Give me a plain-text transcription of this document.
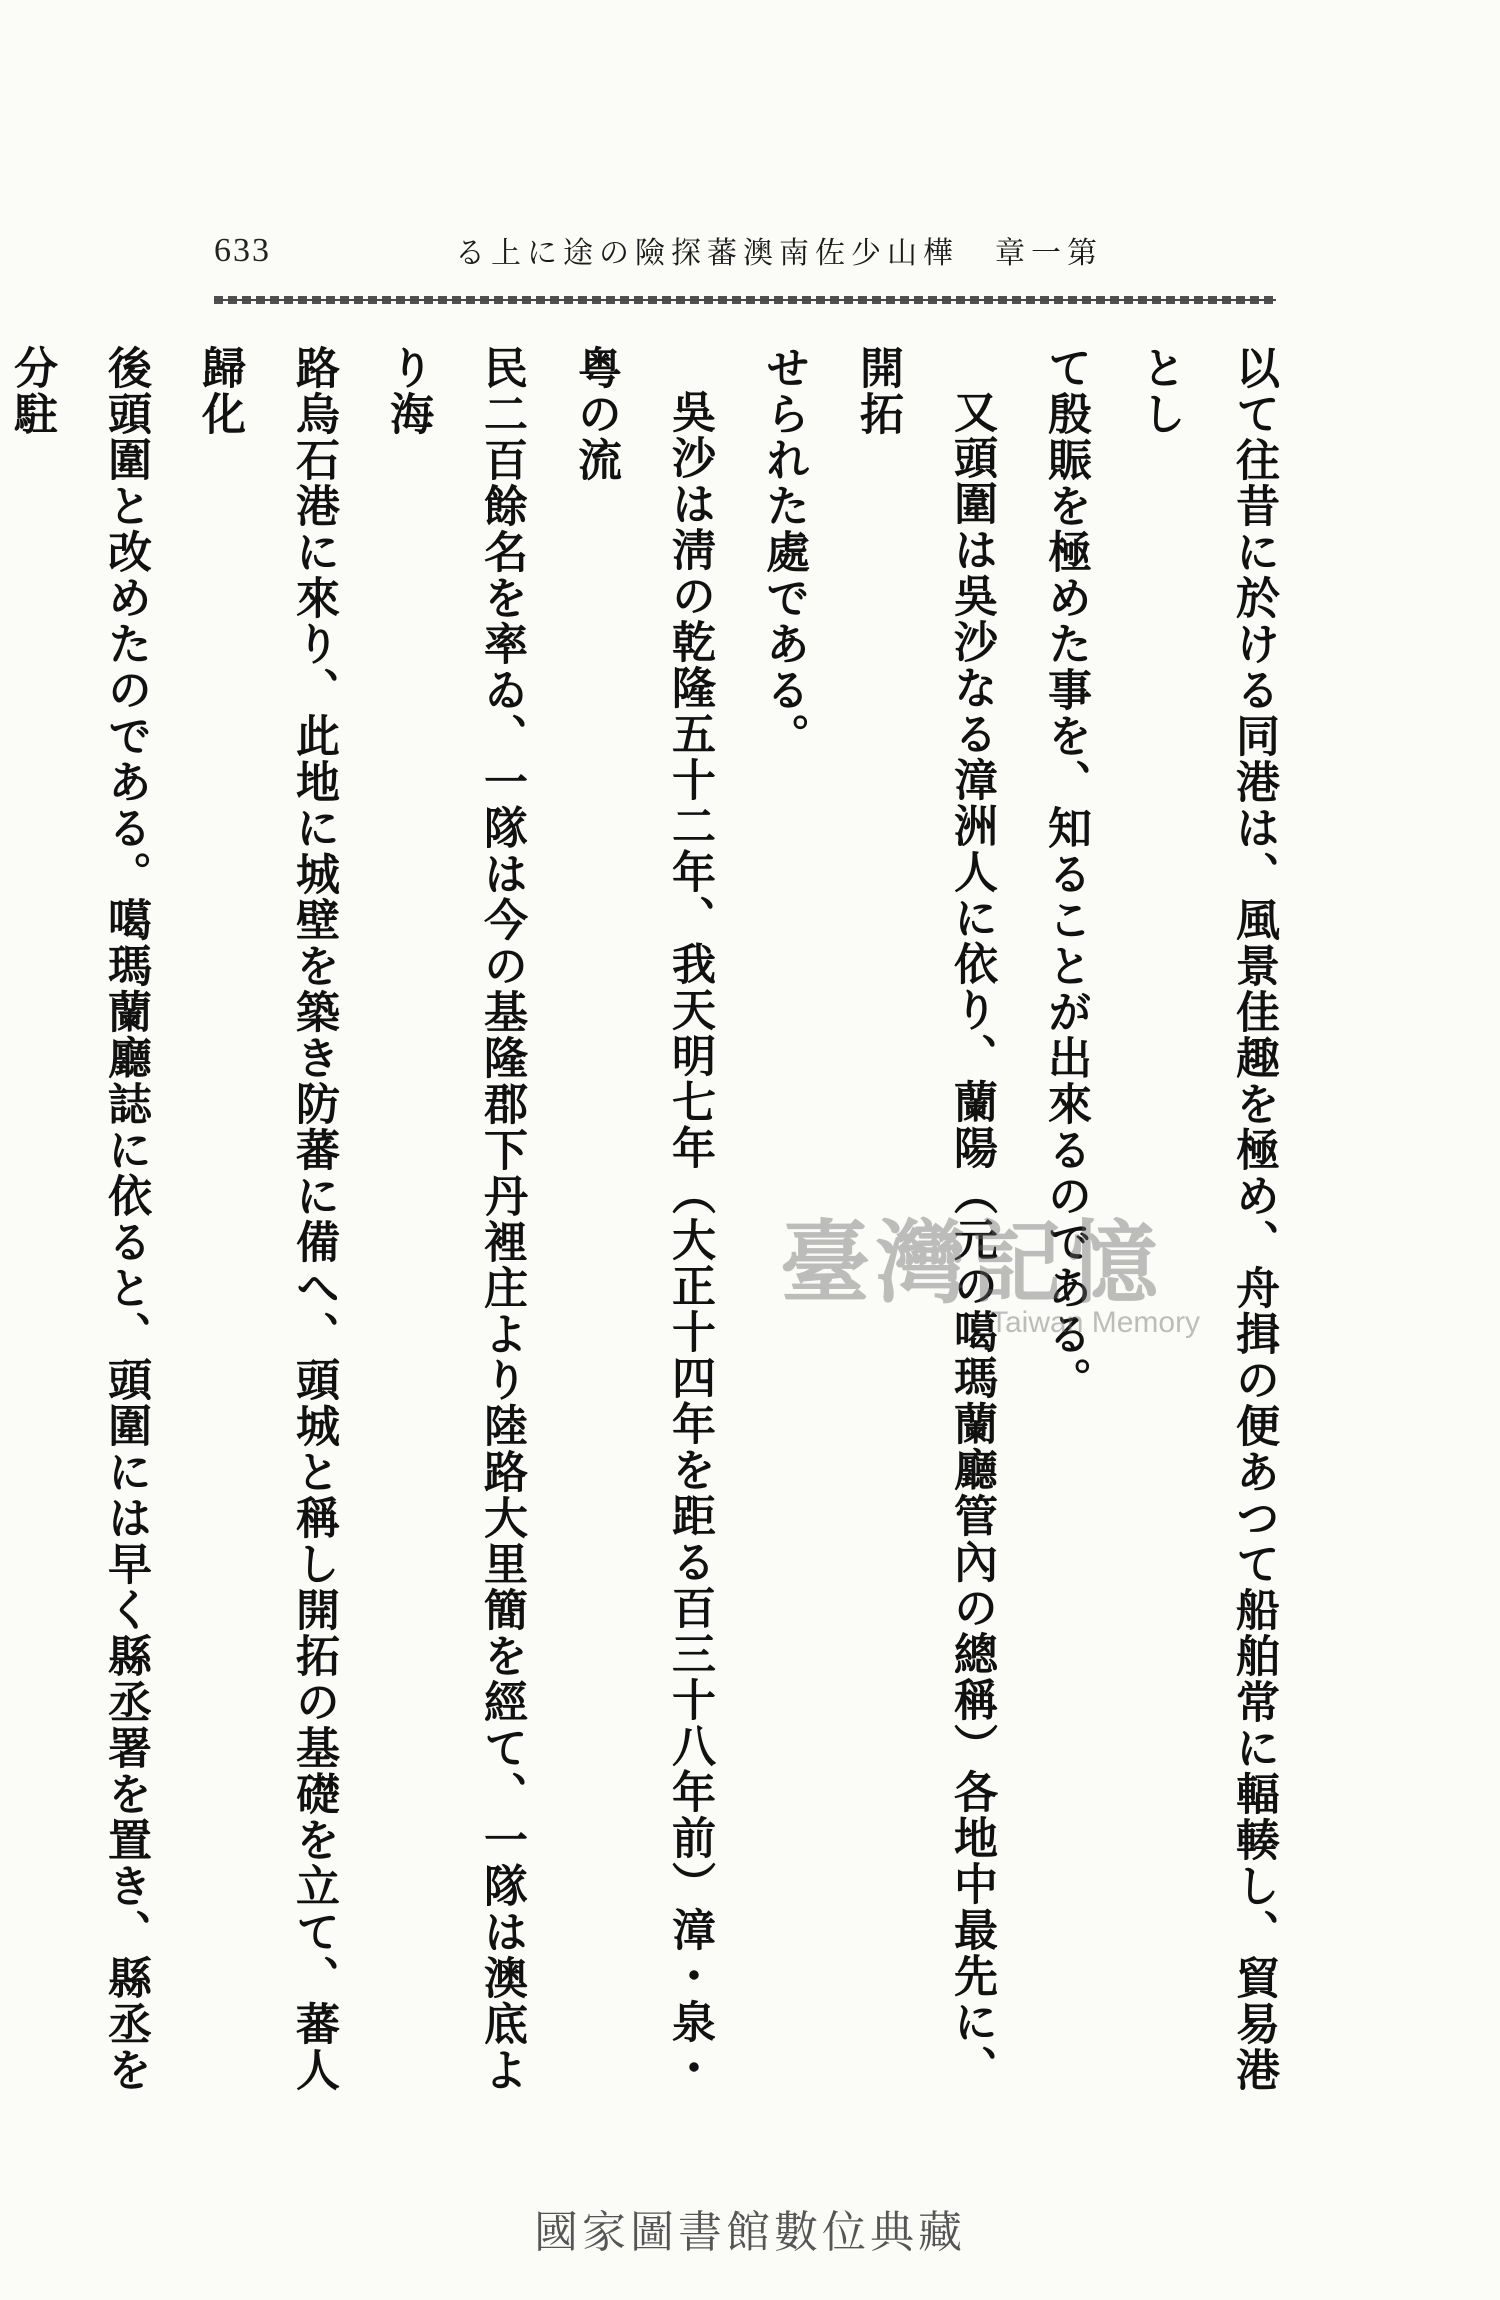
633	る上に途の險探蕃澳南佐少山樺　章一第

以て往昔に於ける同港は、風景佳趣を極め、舟揖の便あつて船舶常に輻輳し、貿易港とし

て殷賑を極めた事を、知ることが出來るのである。

又頭圍は吳沙なる漳洲人に依り、蘭陽（元の噶瑪蘭廳管內の總稱）各地中最先に、開拓

せられた處である。

吳沙は淸の乾隆五十二年、我天明七年（大正十四年を距る百三十八年前）漳・泉・粤の流

民二百餘名を率ゐ、一隊は今の基隆郡下丹裡庄より陸路大里簡を經て、一隊は澳底より海

路烏石港に來り、此地に城壁を築き防蕃に備へ、頭城と稱し開拓の基礎を立て、蕃人歸化

後頭圍と改めたのである。噶瑪蘭廳誌に依ると、頭圍には早く縣丞署を置き、縣丞を分駐

臺灣記憶
Taiwan Memory
國家圖書館數位典藏
